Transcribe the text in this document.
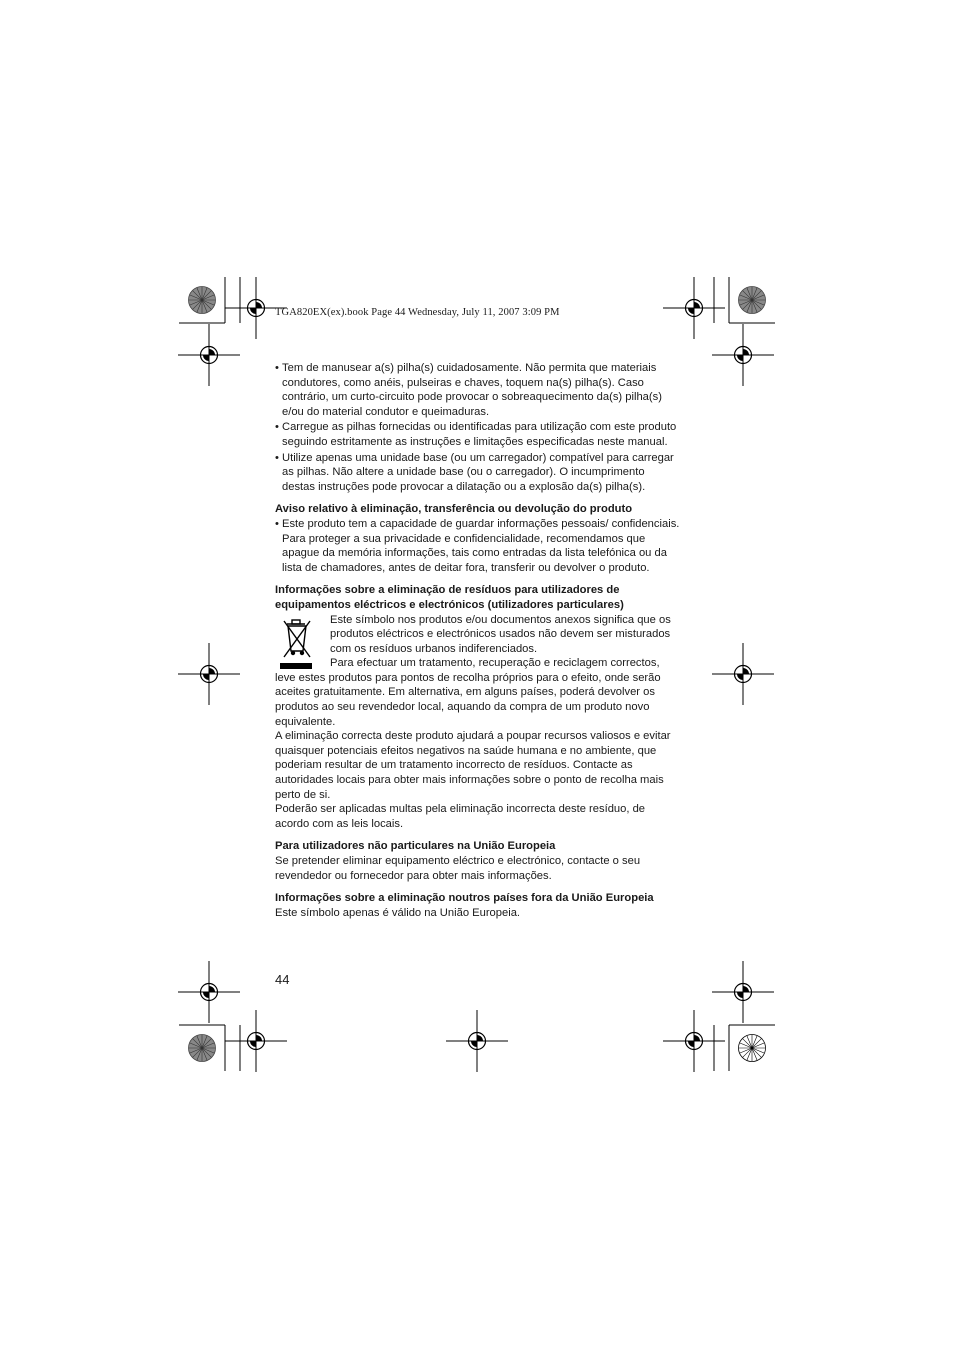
TGA820EX(ex).book Page 44 Wednesday, July 11, 2007 3:09 PM
• Tem de manusear a(s) pilha(s) cuidadosamente. Não permita que materiais condutores, como anéis, pulseiras e chaves, toquem na(s) pilha(s). Caso contrário, um curto-circuito pode provocar o sobreaquecimento da(s) pilha(s) e/ou do material condutor e queimaduras.
• Carregue as pilhas fornecidas ou identificadas para utilização com este produto seguindo estritamente as instruções e limitações especificadas neste manual.
• Utilize apenas uma unidade base (ou um carregador) compatível para carregar as pilhas. Não altere a unidade base (ou o carregador). O incumprimento destas instruções pode provocar a dilatação ou a explosão da(s) pilha(s).
Aviso relativo à eliminação, transferência ou devolução do produto
• Este produto tem a capacidade de guardar informações pessoais/ confidenciais. Para proteger a sua privacidade e confidencialidade, recomendamos que apague da memória informações, tais como entradas da lista telefónica ou da lista de chamadores, antes de deitar fora, transferir ou devolver o produto.
Informações sobre a eliminação de resíduos para utilizadores de equipamentos eléctricos e electrónicos (utilizadores particulares)

Este símbolo nos produtos e/ou documentos anexos significa que os produtos eléctricos e electrónicos usados não devem ser misturados com os resíduos urbanos indiferenciados.

Para efectuar um tratamento, recuperação e reciclagem correctos, leve estes produtos para pontos de recolha próprios para o efeito, onde serão aceites gratuitamente. Em alternativa, em alguns países, poderá devolver os produtos ao seu revendedor local, aquando da compra de um produto novo equivalente.

A eliminação correcta deste produto ajudará a poupar recursos valiosos e evitar quaisquer potenciais efeitos negativos na saúde humana e no ambiente, que poderiam resultar de um tratamento incorrecto de resíduos. Contacte as autoridades locais para obter mais informações sobre o ponto de recolha mais perto de si.

Poderão ser aplicadas multas pela eliminação incorrecta deste resíduo, de acordo com as leis locais.

Para utilizadores não particulares na União Europeia

Se pretender eliminar equipamento eléctrico e electrónico, contacte o seu revendedor ou fornecedor para obter mais informações.

Informações sobre a eliminação noutros países fora da União Europeia

Este símbolo apenas é válido na União Europeia.

44
